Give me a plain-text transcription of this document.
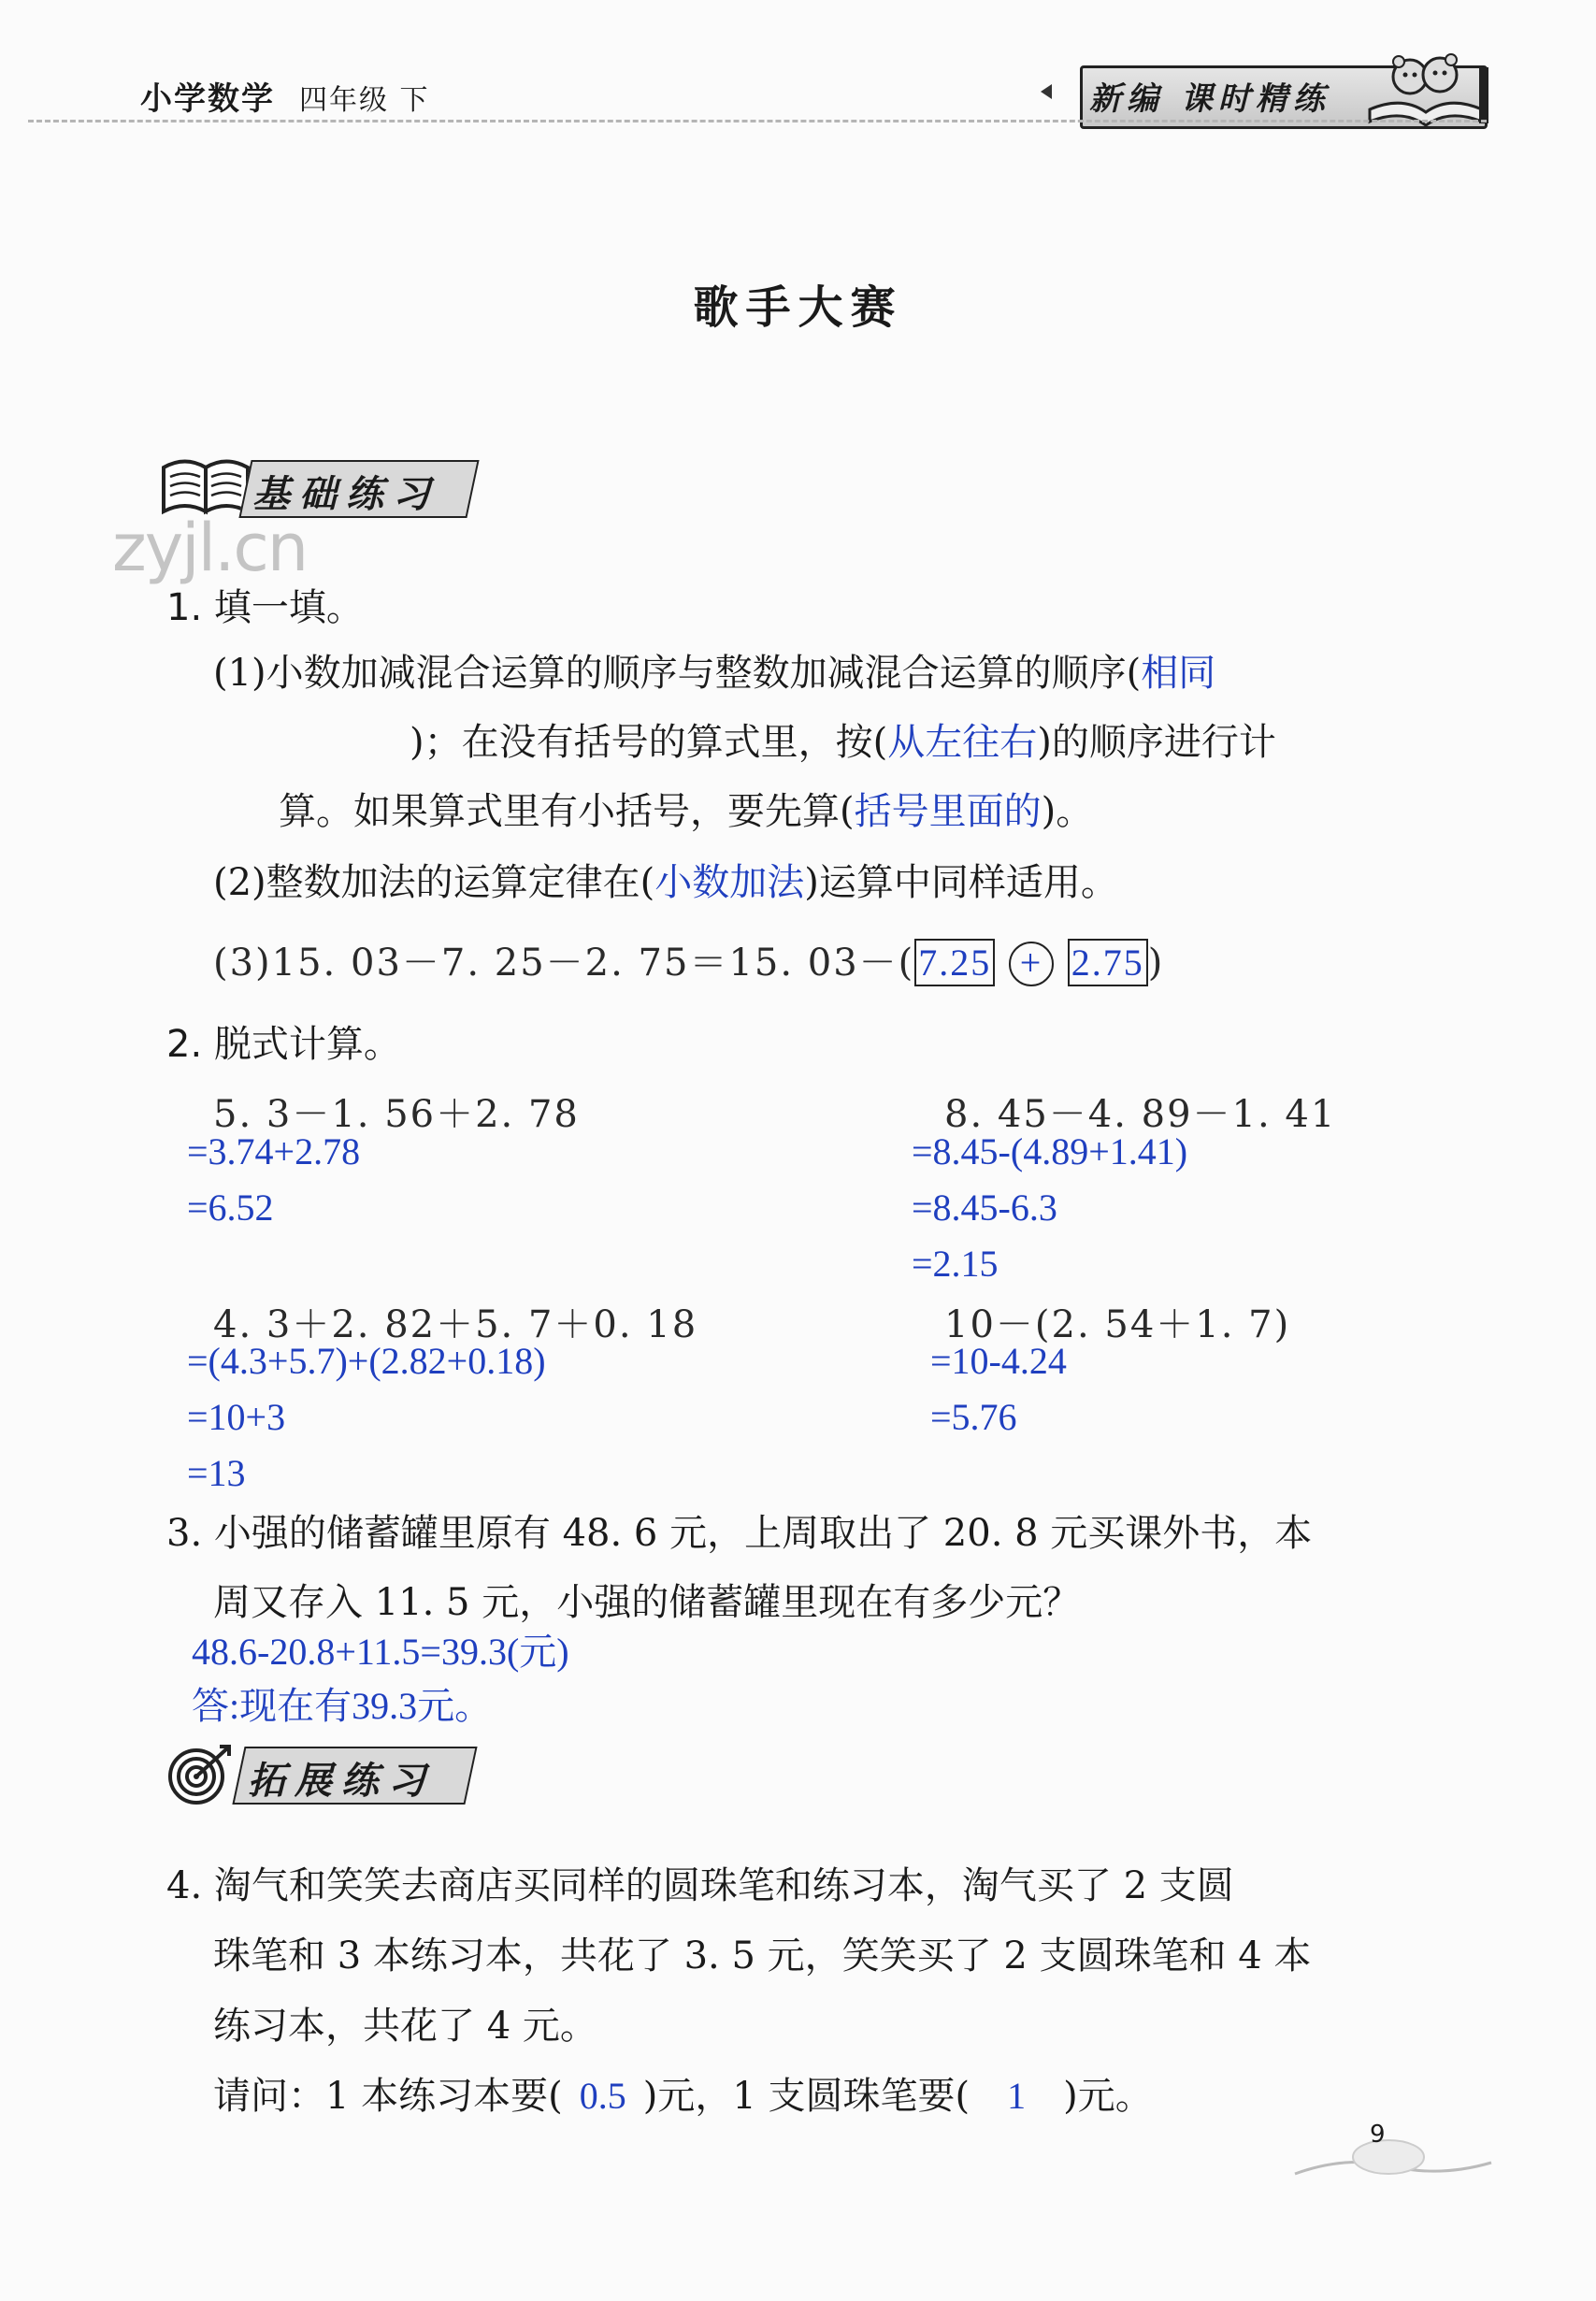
小学数学 四年级 下	新编 课时精练
歌手大赛
基础练习
zyjl.cn
1. 填一填。
(1)小数加减混合运算的顺序与整数加减混合运算的顺序(相同
)；在没有括号的算式里，按(从左往右)的顺序进行计
算。如果算式里有小括号，要先算(括号里面的)。
(2)整数加法的运算定律在(小数加法)运算中同样适用。
(3)15. 03－7. 25－2. 75＝15. 03－( 7.25 + 2.75 )
2. 脱式计算。
5. 3－1. 56＋2. 78
=3.74+2.78
=6.52
8. 45－4. 89－1. 41
=8.45-(4.89+1.41)
=8.45-6.3
=2.15
4. 3＋2. 82＋5. 7＋0. 18
=(4.3+5.7)+(2.82+0.18)
=10+3
=13
10－(2. 54＋1. 7)
=10-4.24
=5.76
3. 小强的储蓄罐里原有 48. 6 元，上周取出了 20. 8 元买课外书，本
周又存入 11. 5 元，小强的储蓄罐里现在有多少元？
48.6-20.8+11.5=39.3(元)
答:现在有39.3元。
拓展练习
4. 淘气和笑笑去商店买同样的圆珠笔和练习本，淘气买了 2 支圆
珠笔和 3 本练习本，共花了 3. 5 元，笑笑买了 2 支圆珠笔和 4 本
练习本，共花了 4 元。
请问：1 本练习本要( 0.5 )元，1 支圆珠笔要( 1 )元。
9
